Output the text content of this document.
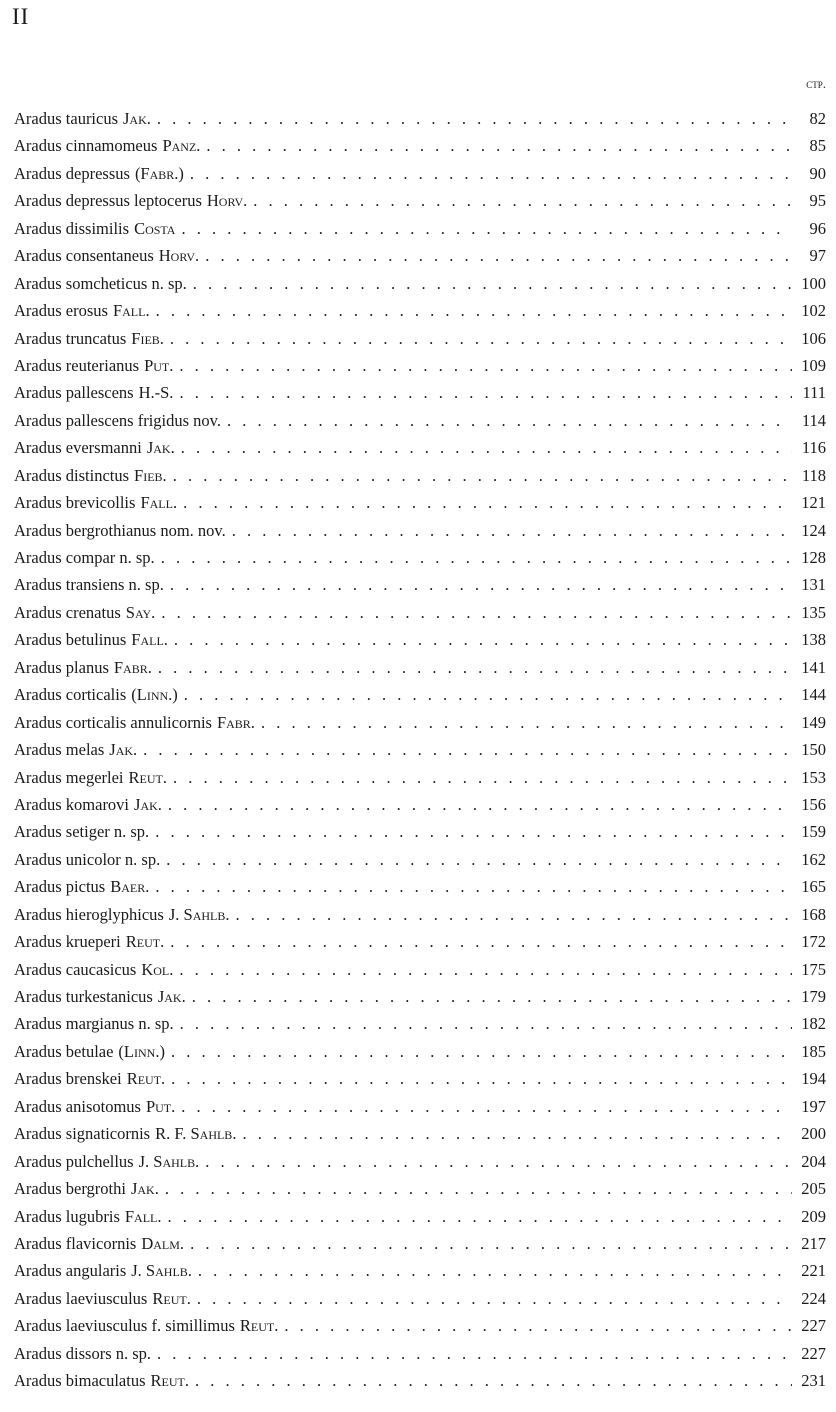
II
стр.
Aradus tauricus Jak. . . .	82
Aradus cinnamomeus Panz. . . .	85
Aradus depressus (Fabr.) . . .	90
Aradus depressus leptocerus Horv. . . .	95
Aradus dissimilis Costa . . .	96
Aradus consentaneus Horv. . . .	97
Aradus somcheticus n. sp. . . .	100
Aradus erosus Fall. . . .	102
Aradus truncatus Fieb. . . .	106
Aradus reuterianus Put. . . .	109
Aradus pallescens H.-S. . . .	111
Aradus pallescens frigidus nov. . . .	114
Aradus eversmanni Jak. . . .	116
Aradus distinctus Fieb. . . .	118
Aradus brevicollis Fall. . . .	121
Aradus bergrothianus nom. nov. . . .	124
Aradus compar n. sp. . . .	128
Aradus transiens n. sp. . . .	131
Aradus crenatus Say. . . .	135
Aradus betulinus Fall. . . .	138
Aradus planus Fabr. . . .	141
Aradus corticalis (Linn.) . . .	144
Aradus corticalis annulicornis Fabr. . . .	149
Aradus melas Jak. . . .	150
Aradus megerlei Reut. . . .	153
Aradus komarovi Jak. . . .	156
Aradus setiger n. sp. . . .	159
Aradus unicolor n. sp. . . .	162
Aradus pictus Baer. . . .	165
Aradus hieroglyphicus J. Sahlb. . . .	168
Aradus krueperi Reut. . . .	172
Aradus caucasicus Kol. . . .	175
Aradus turkestanicus Jak. . . .	179
Aradus margianus n. sp. . . .	182
Aradus betulae (Linn.) . . .	185
Aradus brenskei Reut. . . .	194
Aradus anisotomus Put. . . .	197
Aradus signaticornis R. F. Sahlb. . . .	200
Aradus pulchellus J. Sahlb. . . .	204
Aradus bergrothi Jak. . . .	205
Aradus lugubris Fall. . . .	209
Aradus flavicornis Dalm. . . .	217
Aradus angularis J. Sahlb. . . .	221
Aradus laeviusculus Reut. . . .	224
Aradus laeviusculus f. simillimus Reut. . . .	227
Aradus dissors n. sp. . . .	227
Aradus bimaculatus Reut. . . .	231
